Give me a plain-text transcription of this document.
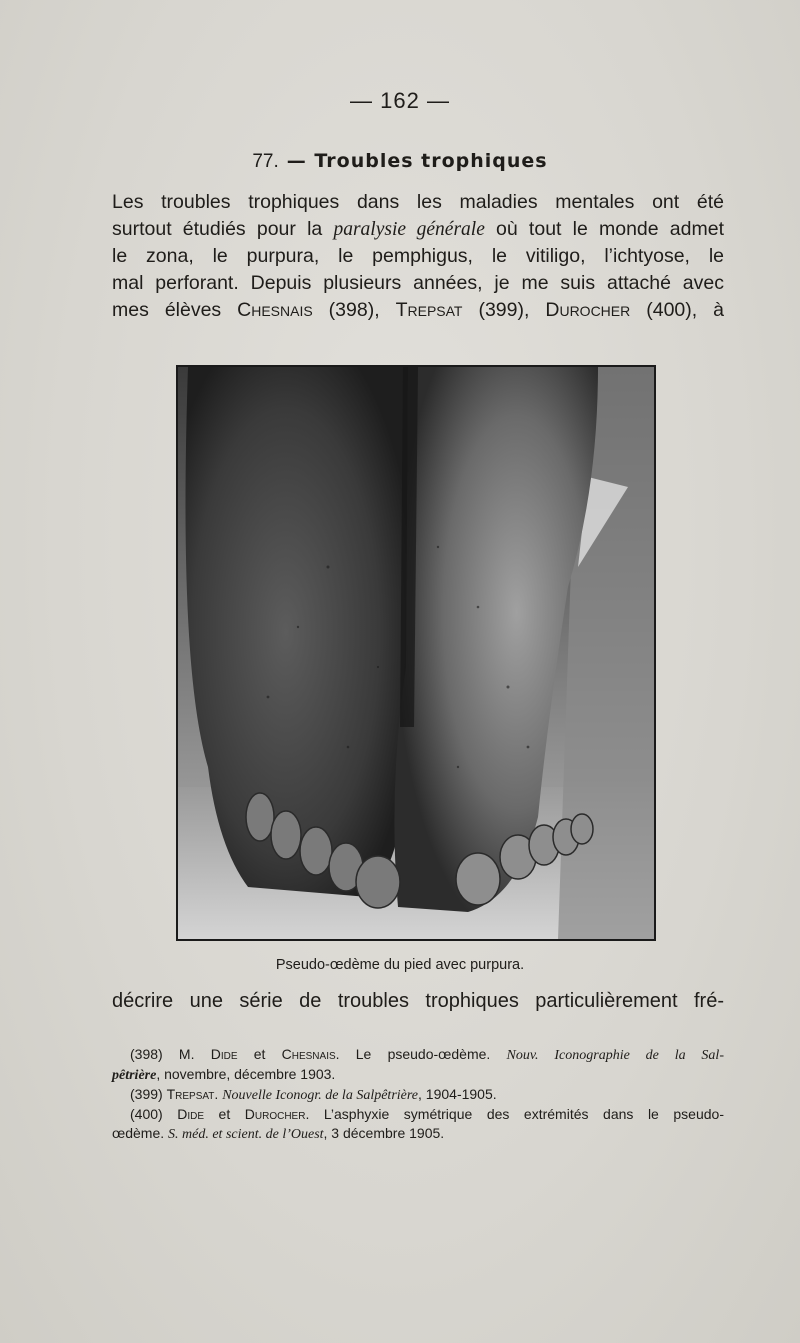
— 162 —
77. — Troubles trophiques
Les troubles trophiques dans les maladies mentales ont été
surtout étudiés pour la paralysie générale où tout le monde admet
le zona, le purpura, le pemphigus, le vitiligo, l’ichtyose, le
mal perforant. Depuis plusieurs années, je me suis attaché avec
mes élèves Chesnais (398), Trepsat (399), Durocher (400), à
Pseudo-œdème du pied avec purpura.
décrire une série de troubles trophiques particulièrement fré-
(398) M. Dide et Chesnais. Le pseudo-œdème. Nouv. Iconographie de la Sal-
pêtrière, novembre, décembre 1903.
(399) Trepsat. Nouvelle Iconogr. de la Salpêtrière, 1904-1905.
(400) Dide et Durocher. L’asphyxie symétrique des extrémités dans le pseudo-
œdème. S. méd. et scient. de l’Ouest, 3 décembre 1905.
